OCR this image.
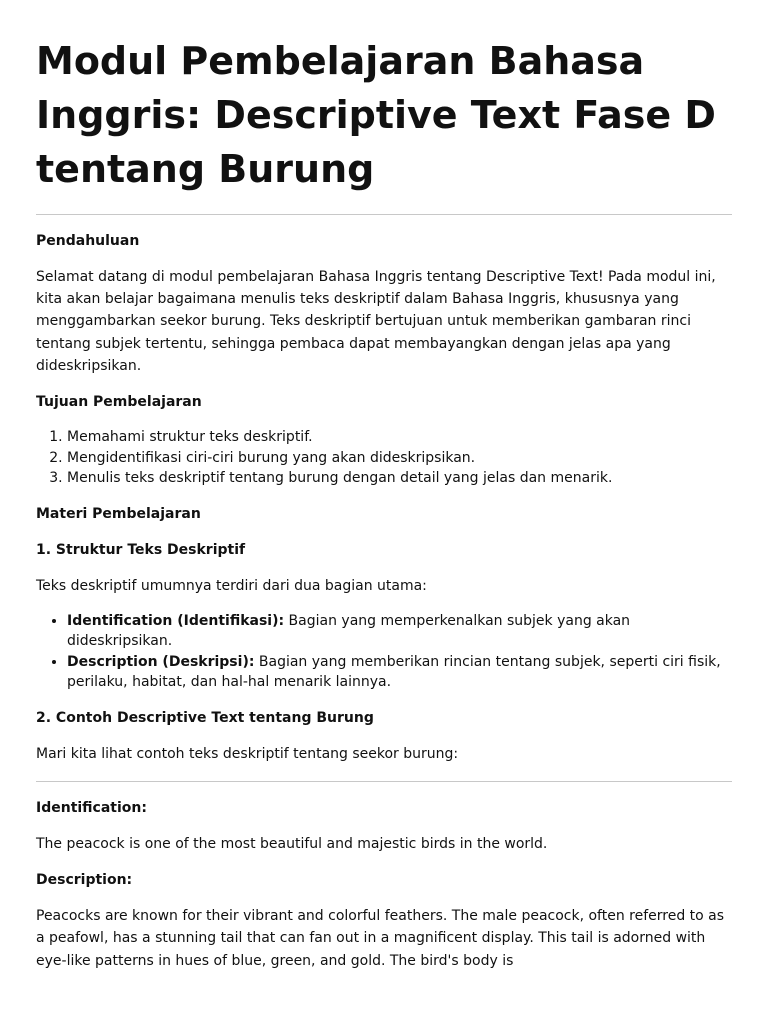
Modul Pembelajaran Bahasa Inggris: Descriptive Text Fase D tentang Burung

Pendahuluan

Selamat datang di modul pembelajaran Bahasa Inggris tentang Descriptive Text! Pada modul ini, kita akan belajar bagaimana menulis teks deskriptif dalam Bahasa Inggris, khususnya yang menggambarkan seekor burung. Teks deskriptif bertujuan untuk memberikan gambaran rinci tentang subjek tertentu, sehingga pembaca dapat membayangkan dengan jelas apa yang dideskripsikan.

Tujuan Pembelajaran

1. Memahami struktur teks deskriptif.
2. Mengidentifikasi ciri-ciri burung yang akan dideskripsikan.
3. Menulis teks deskriptif tentang burung dengan detail yang jelas dan menarik.

Materi Pembelajaran

1. Struktur Teks Deskriptif

Teks deskriptif umumnya terdiri dari dua bagian utama:

• Identification (Identifikasi): Bagian yang memperkenalkan subjek yang akan dideskripsikan.
• Description (Deskripsi): Bagian yang memberikan rincian tentang subjek, seperti ciri fisik, perilaku, habitat, dan hal-hal menarik lainnya.

2. Contoh Descriptive Text tentang Burung

Mari kita lihat contoh teks deskriptif tentang seekor burung:

Identification:

The peacock is one of the most beautiful and majestic birds in the world.

Description:

Peacocks are known for their vibrant and colorful feathers. The male peacock, often referred to as a peafowl, has a stunning tail that can fan out in a magnificent display. This tail is adorned with eye-like patterns in hues of blue, green, and gold. The bird's body is
